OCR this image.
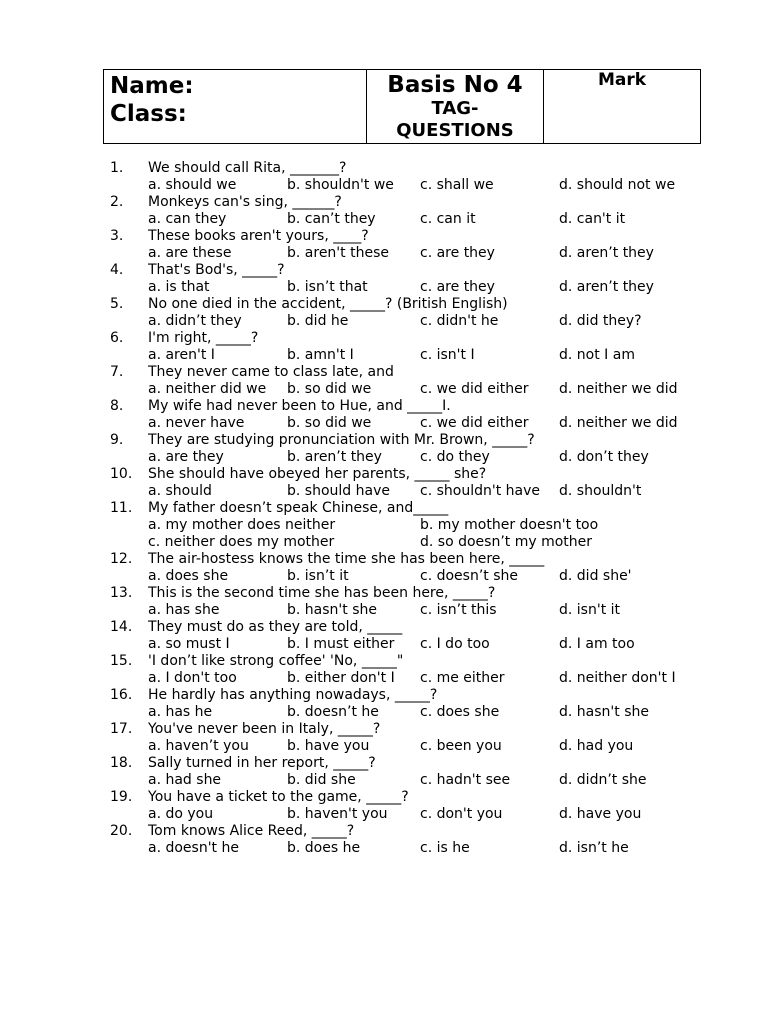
Name:
Class:
Basis No 4
TAG-
QUESTIONS
Mark
1. We should call Rita, _______?
a. should we	b. shouldn't we c. shall we	d. should not we
2. Monkeys can's sing, ______?
a. can they	b. can’t they	c. can it	d. can't it
3. These books aren't yours, ____?
a. are these	b. aren't these c. are they	d. aren’t they
4. That's Bod's, _____?
a. is that	b. isn’t that	c. are they	d. aren’t they
5. No one died in the accident, _____? (British English)
a. didn’t they	b. did he	c. didn't he	d. did they?
6. I'm right, _____?
a. aren't I	b. amn't I	c. isn't I	d. not I am
7. They never came to class late, and
a. neither did we b. so did we	c. we did either d. neither we did
8. My wife had never been to Hue, and _____I.
a. never have	b. so did we	c. we did either d. neither we did
9. They are studying pronunciation with Mr. Brown, _____?
a. are they	b. aren’t they	c. do they	d. don’t they
10. She should have obeyed her parents, _____ she?
a. should	b. should have c. shouldn't have d. shouldn't
11. My father doesn’t speak Chinese, and_____
a. my mother does neither	b. my mother doesn't too
c. neither does my mother	d. so doesn’t my mother
12. The air-hostess knows the time she has been here, _____
a. does she	b. isn’t it	c. doesn’t she	d. did she'
13. This is the second time she has been here, _____?
a. has she	b. hasn't she	c. isn’t this	d. isn't it
14. They must do as they are told, _____
a. so must I	b. I must either c. I do too	d. I am too
15. 'I don’t like strong coffee' 'No, _____"
a. I don't too	b. either don't I c. me either	d. neither don't I
16. He hardly has anything nowadays, _____?
a. has he	b. doesn’t he	c. does she	d. hasn't she
17. You've never been in Italy, _____?
a. haven’t you	b. have you	c. been you	d. had you
18. Sally turned in her report, _____?
a. had she	b. did she	c. hadn't see	d. didn’t she
19. You have a ticket to the game, _____?
a. do you	b. haven't you c. don't you	d. have you
20. Tom knows Alice Reed, _____?
a. doesn't he	b. does he	c. is he	d. isn’t he
